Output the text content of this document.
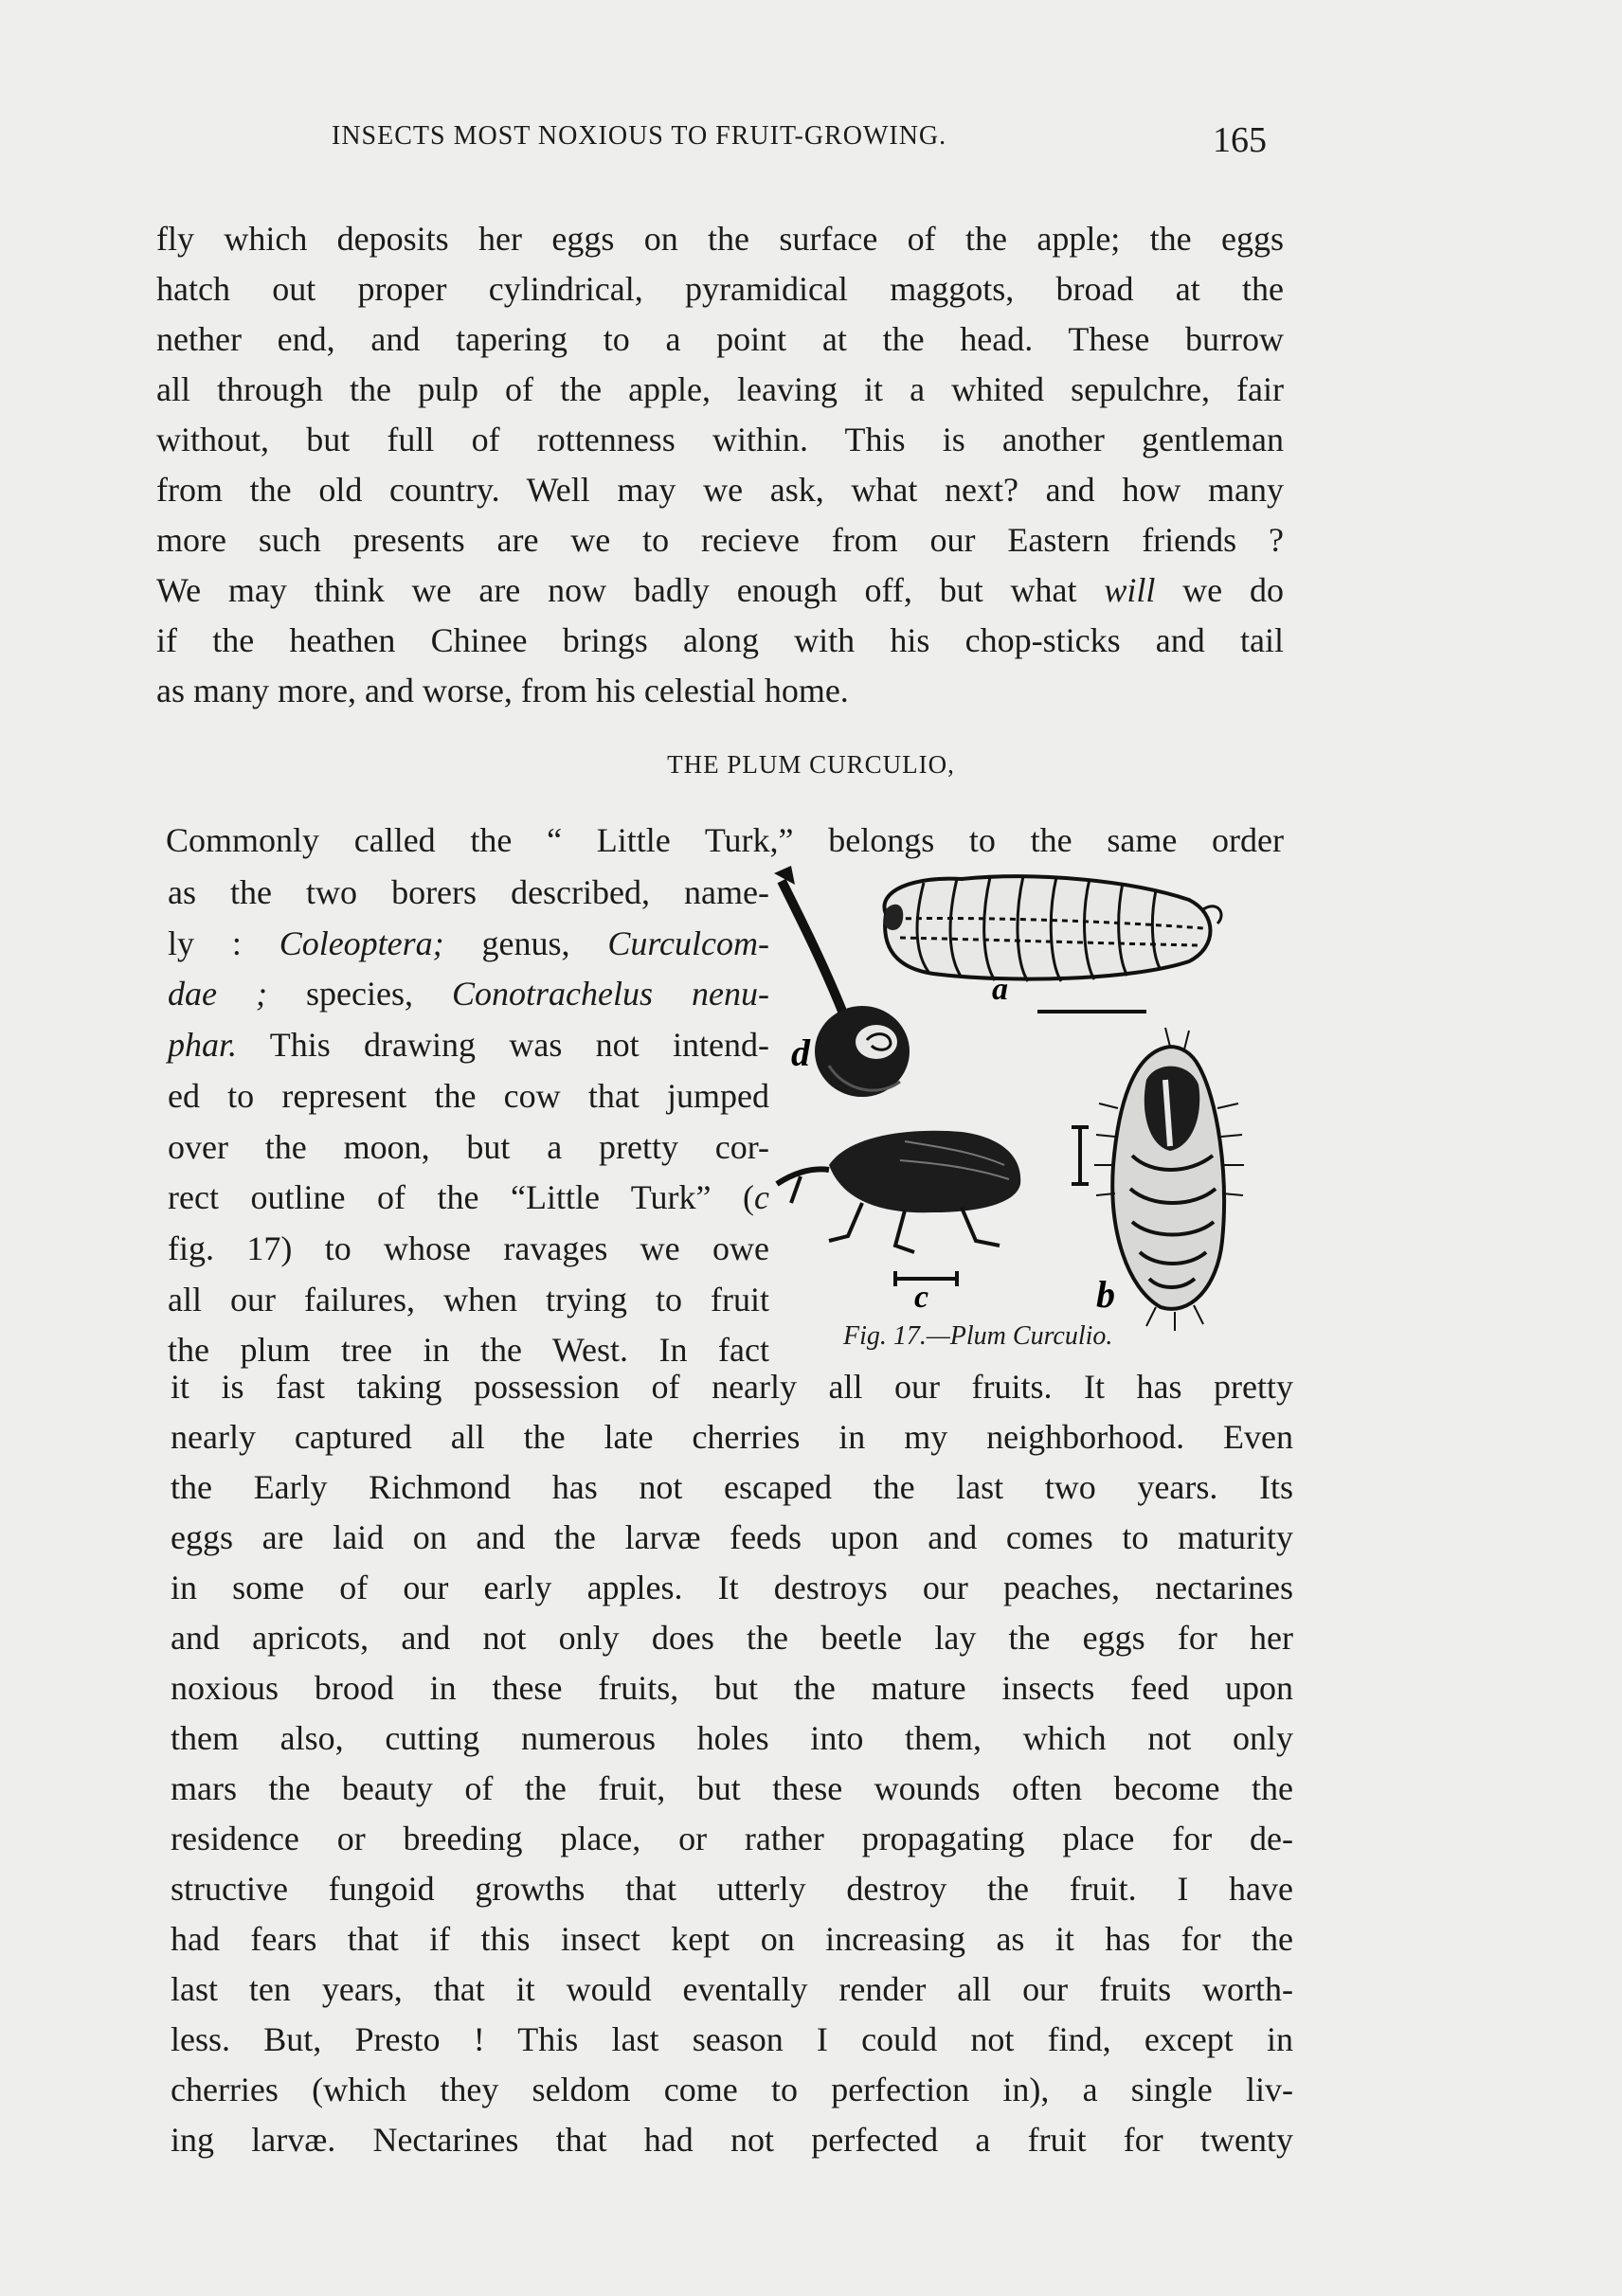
INSECTS MOST NOXIOUS TO FRUIT-GROWING.	165

fly which deposits her eggs on the surface of the apple; the eggs
hatch out proper cylindrical, pyramidical maggots, broad at the
nether end, and tapering to a point at the head. These burrow
all through the pulp of the apple, leaving it a whited sepulchre, fair
without, but full of rottenness within. This is another gentleman
from the old country. Well may we ask, what next? and how many
more such presents are we to recieve from our Eastern friends ?
We may think we are now badly enough off, but what will we do
if the heathen Chinee brings along with his chop-sticks and tail
as many more, and worse, from his celestial home.

THE PLUM CURCULIO,

Commonly called the “ Little Turk,” belongs to the same order

as the two borers described, name-
ly : Coleoptera; genus, Curculcom-
dae ; species, Conotrachelus nenu-
phar. This drawing was not intend-
ed to represent the cow that jumped
over the moon, but a pretty cor-
rect outline of the “Little Turk” (c
fig. 17) to whose ravages we owe
all our failures, when trying to fruit
the plum tree in the West. In fact

a
d
c	b
Fig. 17.—Plum Curculio.

it is fast taking possession of nearly all our fruits. It has pretty
nearly captured all the late cherries in my neighborhood. Even
the Early Richmond has not escaped the last two years. Its
eggs are laid on and the larvæ feeds upon and comes to maturity
in some of our early apples. It destroys our peaches, nectarines
and apricots, and not only does the beetle lay the eggs for her
noxious brood in these fruits, but the mature insects feed upon
them also, cutting numerous holes into them, which not only
mars the beauty of the fruit, but these wounds often become the
residence or breeding place, or rather propagating place for de-
structive fungoid growths that utterly destroy the fruit. I have
had fears that if this insect kept on increasing as it has for the
last ten years, that it would eventally render all our fruits worth-
less. But, Presto ! This last season I could not find, except in
cherries (which they seldom come to perfection in), a single liv-
ing larvæ. Nectarines that had not perfected a fruit for twenty
